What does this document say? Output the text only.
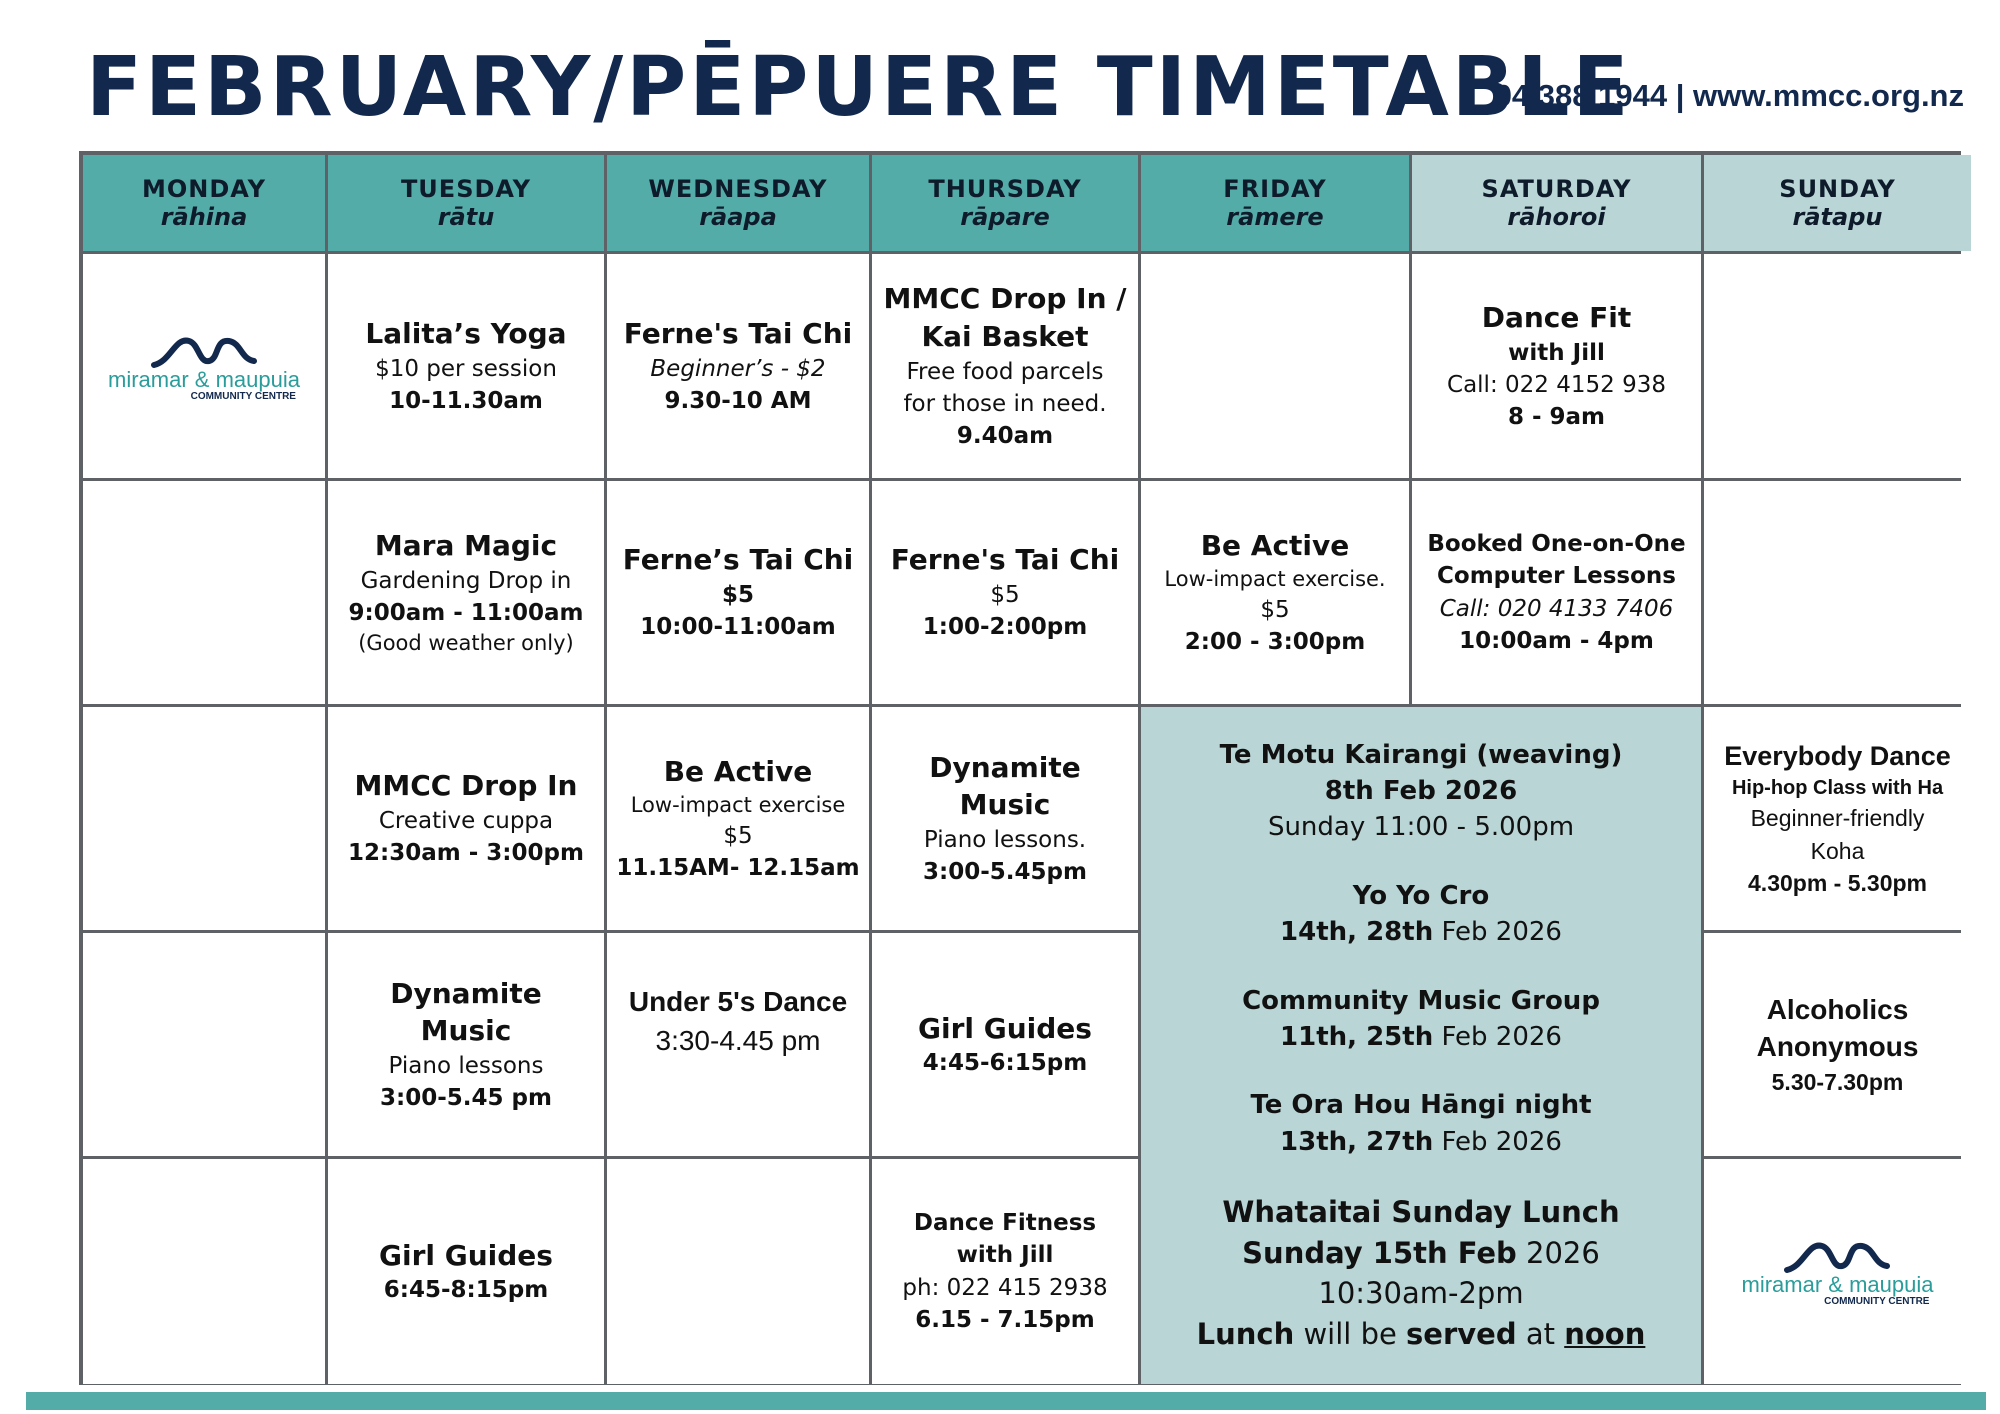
FEBRUARY/PĒPUERE TIMETABLE
04 388 1944 | www.mmcc.org.nz
MONDAY
rāhina
TUESDAY
rātu
WEDNESDAY
rāapa
THURSDAY
rāpare
FRIDAY
rāmere
SATURDAY
rāhoroi
SUNDAY
rātapu
miramar & maupuia
COMMUNITY CENTRE
Lalita’s Yoga
$10 per session
10-11.30am
Ferne's Tai Chi
Beginner’s - $2
9.30-10 AM
MMCC Drop In /
Kai Basket
Free food parcels
for those in need.
9.40am
Dance Fit
with Jill
Call: 022 4152 938
8 - 9am
Mara Magic
Gardening Drop in
9:00am - 11:00am
(Good weather only)
Ferne’s Tai Chi
$5
10:00-11:00am
Ferne's Tai Chi
$5
1:00-2:00pm
Be Active
Low-impact exercise.
$5
2:00 - 3:00pm
Booked One-on-One
Computer Lessons
Call: 020 4133 7406
10:00am - 4pm
MMCC Drop In
Creative cuppa
12:30am - 3:00pm
Be Active
Low-impact exercise
$5
11.15AM- 12.15am
Dynamite
Music
Piano lessons.
3:00-5.45pm
Te Motu Kairangi (weaving)
8th Feb 2026
Sunday 11:00 - 5.00pm
Yo Yo Cro
14th, 28th Feb 2026
Community Music Group
11th, 25th Feb 2026
Te Ora Hou Hāngi night
13th, 27th Feb 2026
Whataitai Sunday Lunch
Sunday 15th Feb 2026
10:30am-2pm
Lunch will be served at noon
Everybody Dance
Hip-hop Class with Ha
Beginner-friendly
Koha
4.30pm - 5.30pm
Dynamite
Music
Piano lessons
3:00-5.45 pm
Under 5's Dance
3:30-4.45 pm	Girl Guides
4:45-6:15pm
Alcoholics
Anonymous
5.30-7.30pm
Girl Guides
6:45-8:15pm
Dance Fitness
with Jill
ph: 022 415 2938
6.15 - 7.15pm
miramar & maupuia
COMMUNITY CENTRE
